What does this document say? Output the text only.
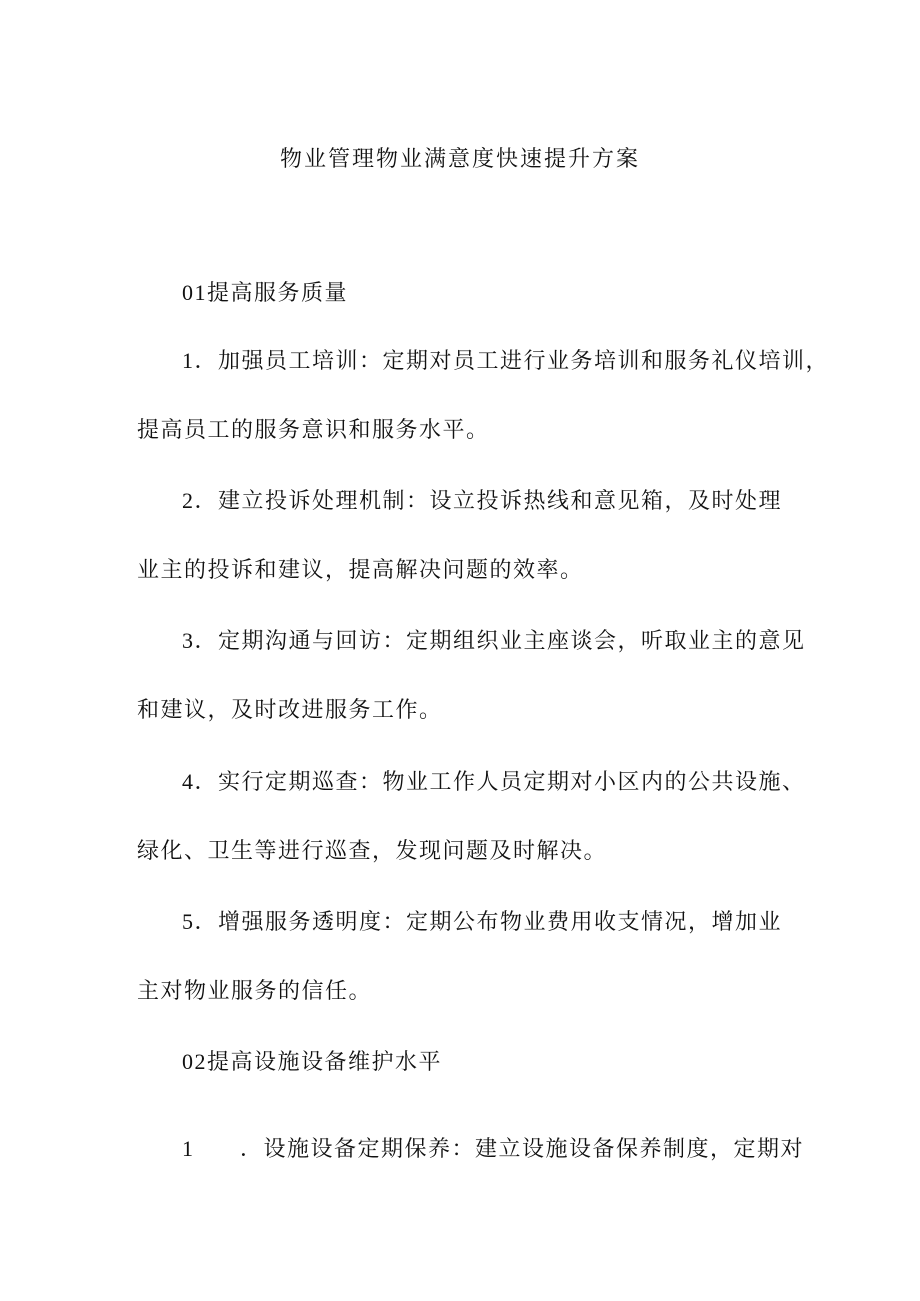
物业管理物业满意度快速提升方案
01提高服务质量
1．加强员工培训：定期对员工进行业务培训和服务礼仪培训，
提高员工的服务意识和服务水平。
2．建立投诉处理机制：设立投诉热线和意见箱，及时处理
业主的投诉和建议，提高解决问题的效率。
3．定期沟通与回访：定期组织业主座谈会，听取业主的意见
和建议，及时改进服务工作。
4．实行定期巡查：物业工作人员定期对小区内的公共设施、
绿化、卫生等进行巡查，发现问题及时解决。
5．增强服务透明度：定期公布物业费用收支情况，增加业
主对物业服务的信任。
02提高设施设备维护水平
1 ．设施设备定期保养：建立设施设备保养制度，定期对
